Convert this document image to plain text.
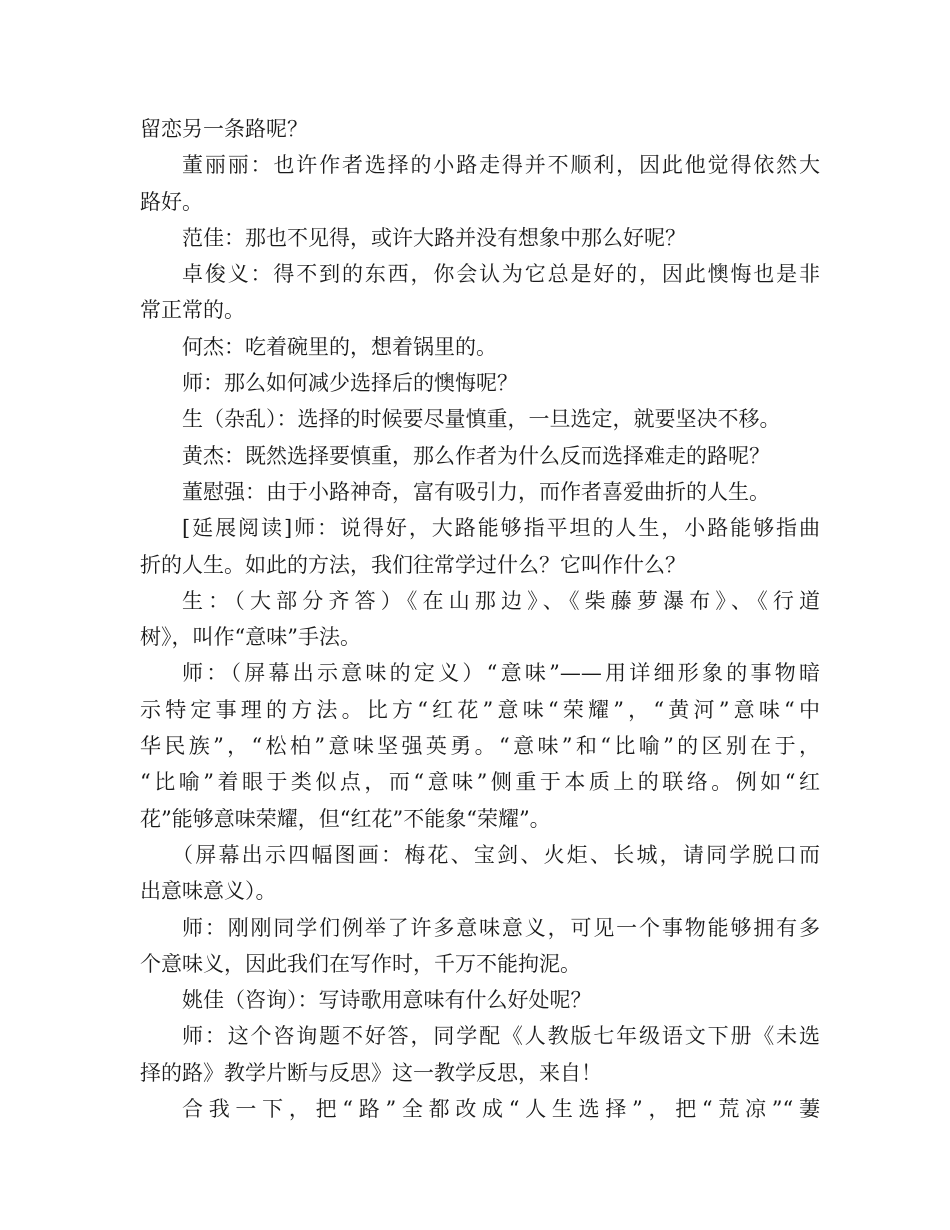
留恋另一条路呢？
董丽丽：也许作者选择的小路走得并不顺利，因此他觉得依然大
路好。
范佳：那也不见得，或许大路并没有想象中那么好呢？
卓俊义：得不到的东西，你会认为它总是好的，因此懊悔也是非
常正常的。
何杰：吃着碗里的，想着锅里的。
师：那么如何减少选择后的懊悔呢？
生（杂乱）：选择的时候要尽量慎重，一旦选定，就要坚决不移。
黄杰：既然选择要慎重，那么作者为什么反而选择难走的路呢？
董慰强：由于小路神奇，富有吸引力，而作者喜爱曲折的人生。
[延展阅读]师：说得好，大路能够指平坦的人生，小路能够指曲
折的人生。如此的方法，我们往常学过什么？它叫作什么？
生：（大部分齐答）《在山那边》、《柴藤萝瀑布》、《行道
树》，叫作“意味”手法。
师：（屏幕出示意味的定义）“意味”——用详细形象的事物暗
示特定事理的方法。比方“红花”意味“荣耀”，“黄河”意味“中
华民族”，“松柏”意味坚强英勇。“意味”和“比喻”的区别在于，
“比喻”着眼于类似点，而“意味”侧重于本质上的联络。例如“红
花”能够意味荣耀，但“红花”不能象“荣耀”。
（屏幕出示四幅图画：梅花、宝剑、火炬、长城，请同学脱口而
出意味意义）。
师：刚刚同学们例举了许多意味意义，可见一个事物能够拥有多
个意味义，因此我们在写作时，千万不能拘泥。
姚佳（咨询）：写诗歌用意味有什么好处呢？
师：这个咨询题不好答，同学配《人教版七年级语文下册《未选
择的路》教学片断与反思》这一教学反思，来自！
合我一下，把“路”全都改成“人生选择”，把“荒凉”“萋
